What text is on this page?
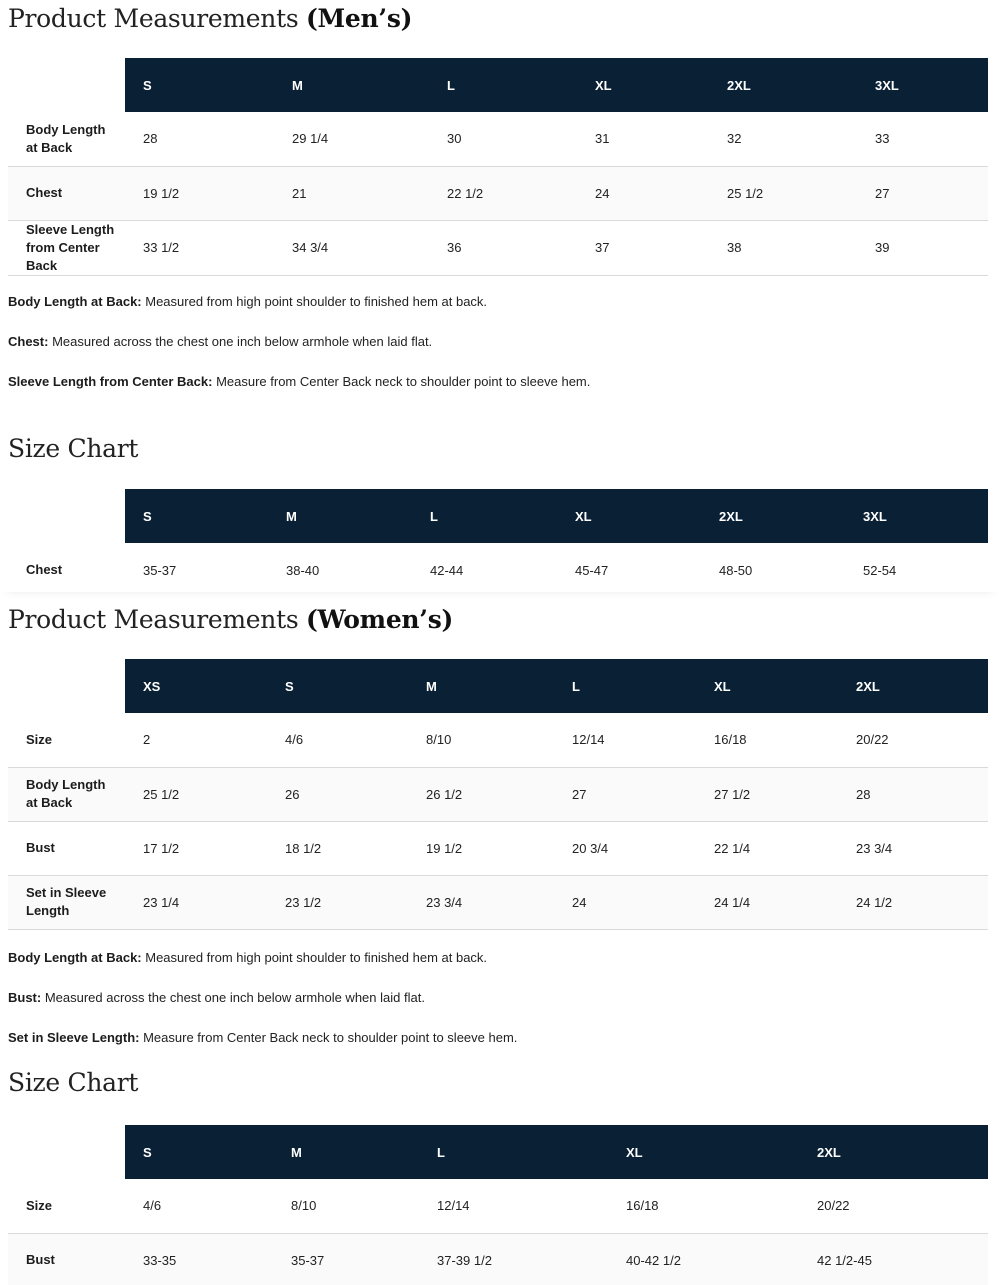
Product Measurements (Men’s)
	S	M	L	XL	2XL	3XL
Body Length at Back	28	29 1/4	30	31	32	33
Chest	19 1/2	21	22 1/2	24	25 1/2	27
Sleeve Length from Center Back	33 1/2	34 3/4	36	37	38	39

Body Length at Back: Measured from high point shoulder to finished hem at back.

Chest: Measured across the chest one inch below armhole when laid flat.

Sleeve Length from Center Back: Measure from Center Back neck to shoulder point to sleeve hem.

Size Chart
	S	M	L	XL	2XL	3XL
Chest	35-37	38-40	42-44	45-47	48-50	52-54
Product Measurements (Women’s)
	XS	S	M	L	XL	2XL
Size	2	4/6	8/10	12/14	16/18	20/22
Body Length at Back	25 1/2	26	26 1/2	27	27 1/2	28
Bust	17 1/2	18 1/2	19 1/2	20 3/4	22 1/4	23 3/4
Set in Sleeve Length	23 1/4	23 1/2	23 3/4	24	24 1/4	24 1/2

Body Length at Back: Measured from high point shoulder to finished hem at back.

Bust: Measured across the chest one inch below armhole when laid flat.

Set in Sleeve Length: Measure from Center Back neck to shoulder point to sleeve hem.

Size Chart
	S	M	L	XL	2XL
Size	4/6	8/10	12/14	16/18	20/22
Bust	33-35	35-37	37-39 1/2	40-42 1/2	42 1/2-45
